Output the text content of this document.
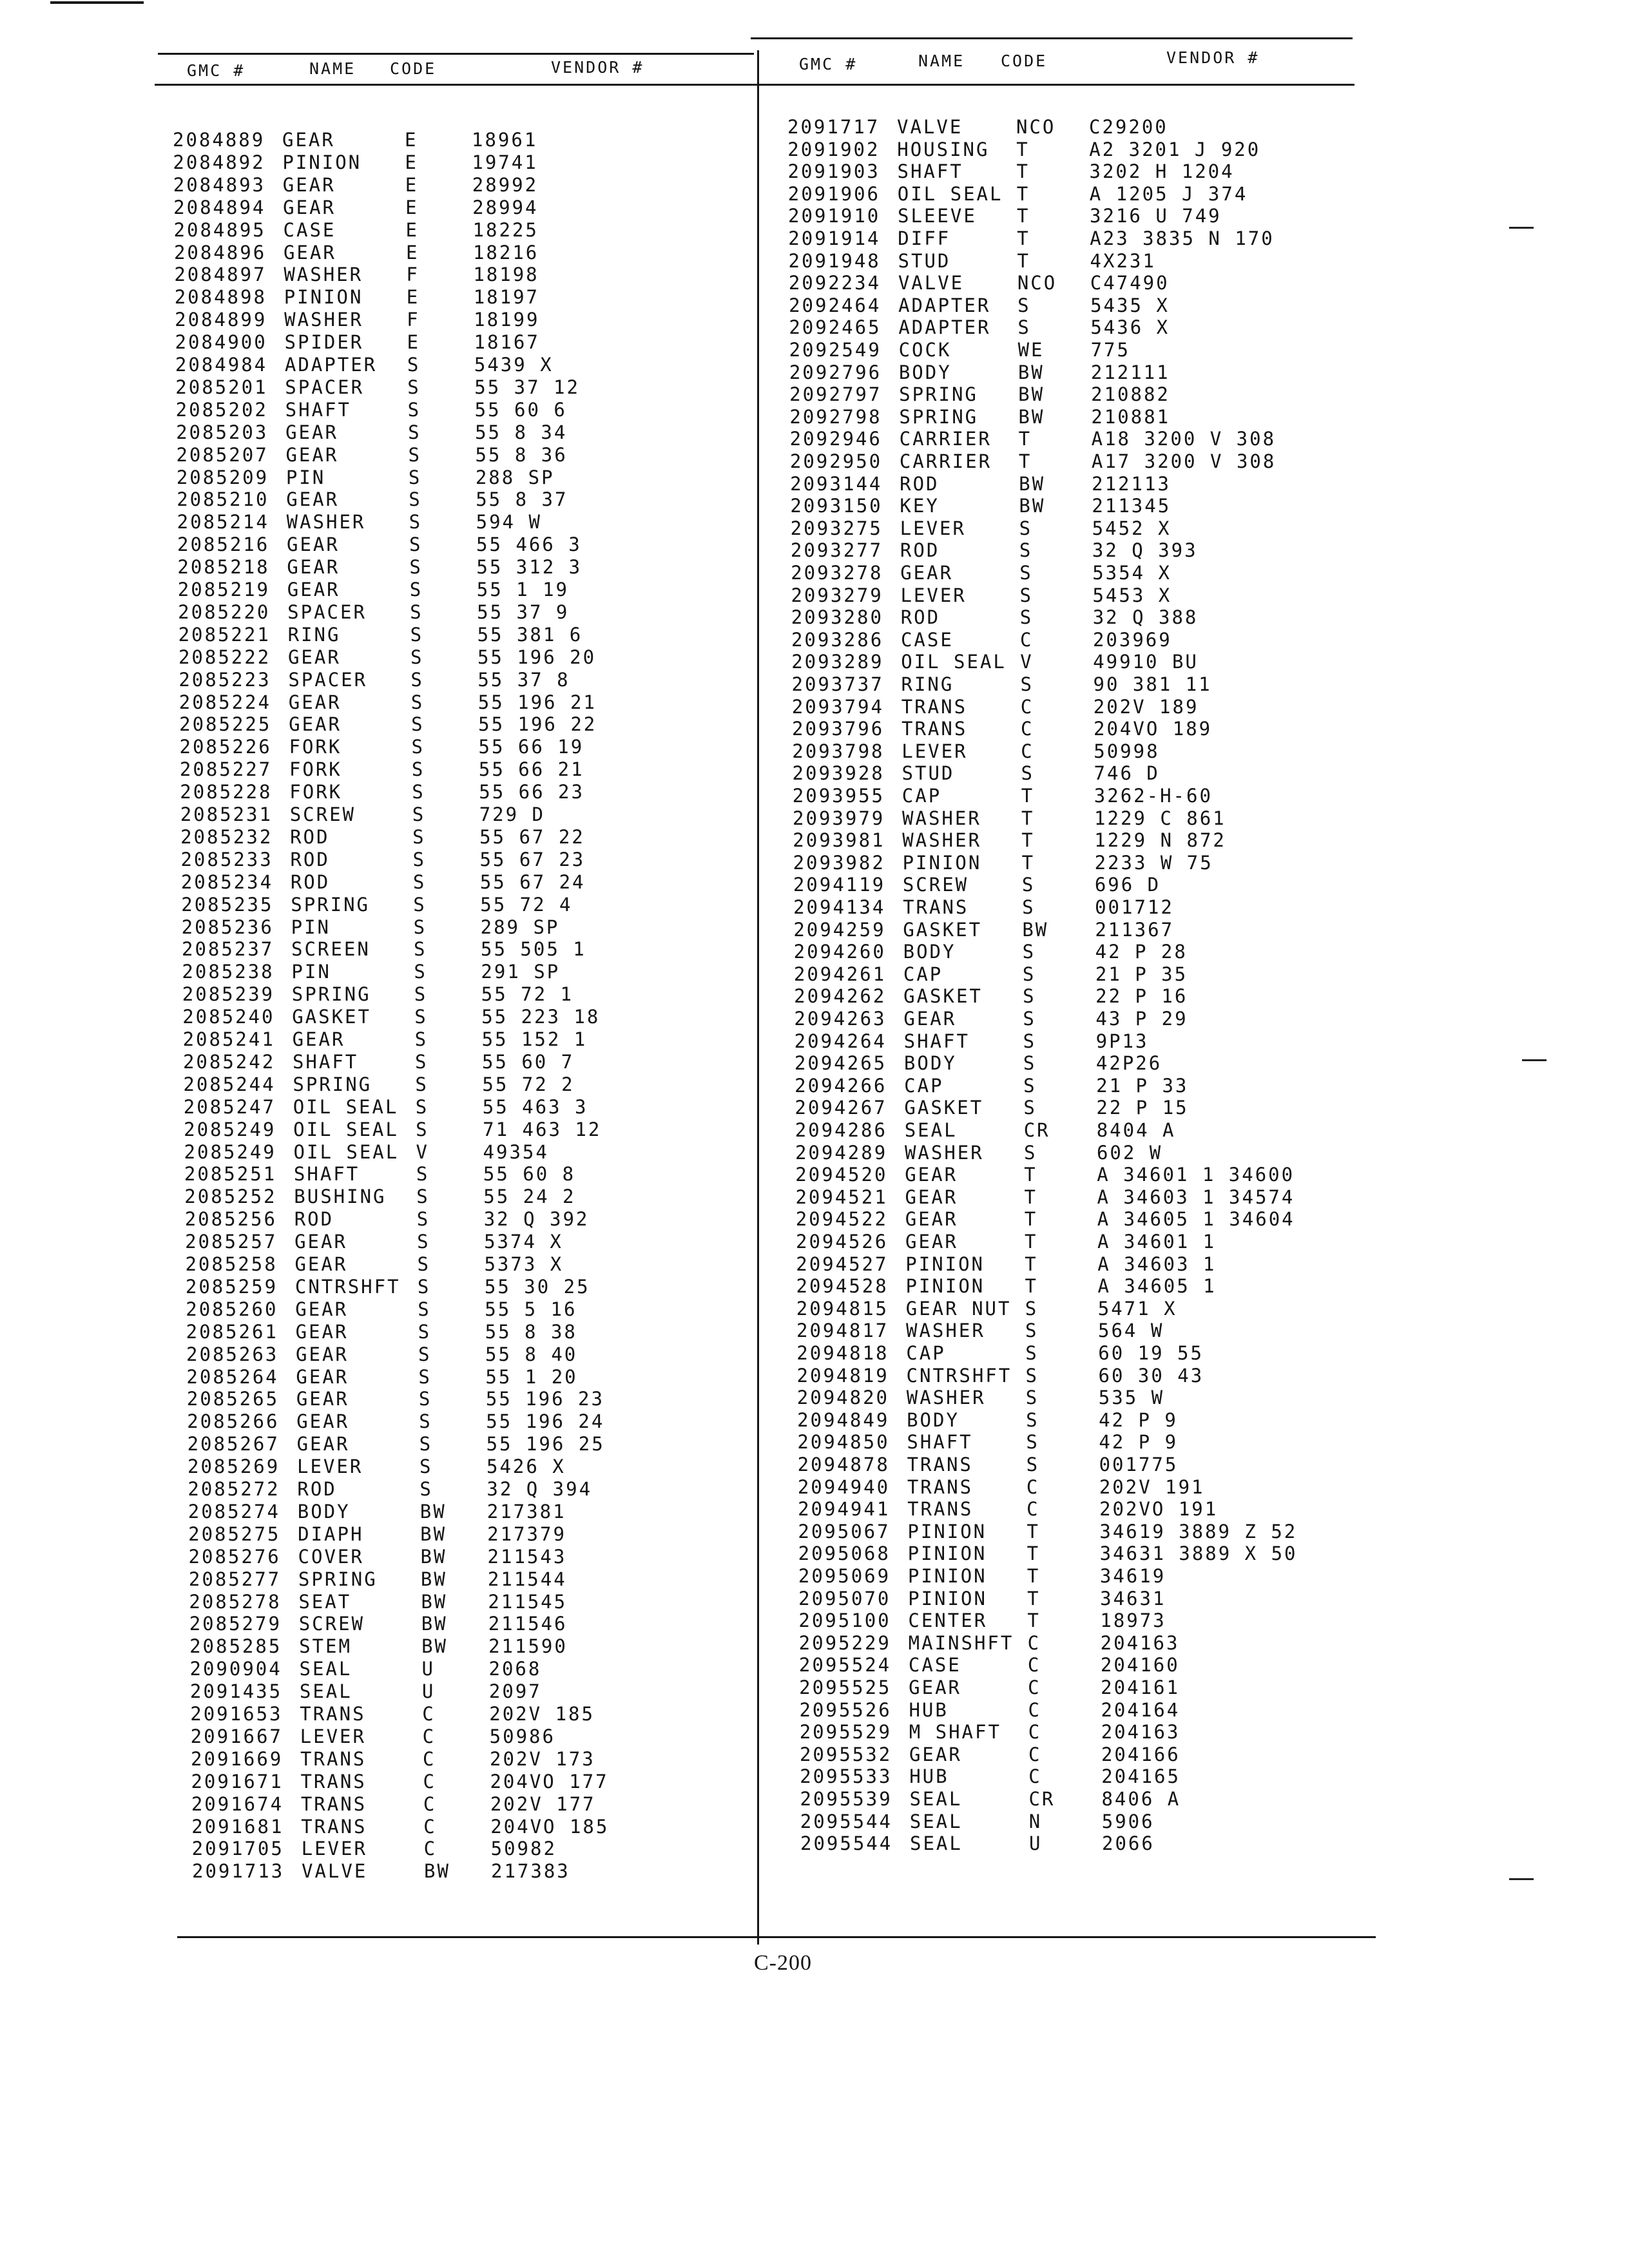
GMC #	NAME CODE	VENDOR #	GMC #	NAME CODE	VENDOR #
2084889 GEAR	E	18961
2084892 PINION E	19741
2084893 GEAR	E	28992
2084894 GEAR	E	28994
2084895 CASE	E	18225
2084896 GEAR	E	18216
2084897 WASHER F	18198
2084898 PINION E	18197
2084899 WASHER F	18199
2084900 SPIDER E	18167
2084984 ADAPTER S	5439 X
2085201 SPACER S	55 37 12
2085202 SHAFT	S	55 60 6
2085203 GEAR	S	55 8 34
2085207 GEAR	S	55 8 36
2085209 PIN	S	288 SP
2085210 GEAR	S	55 8 37
2085214 WASHER S	594 W
2085216 GEAR	S	55 466 3
2085218 GEAR	S	55 312 3
2085219 GEAR	S	55 1 19
2085220 SPACER S	55 37 9
2085221 RING	S	55 381 6
2085222 GEAR	S	55 196 20
2085223 SPACER S	55 37 8
2085224 GEAR	S	55 196 21
2085225 GEAR	S	55 196 22
2085226 FORK	S	55 66 19
2085227 FORK	S	55 66 21
2085228 FORK	S	55 66 23
2085231 SCREW	S	729 D
2085232 ROD	S	55 67 22
2085233 ROD	S	55 67 23
2085234 ROD	S	55 67 24
2085235 SPRING S	55 72 4
2085236 PIN	S	289 SP
2085237 SCREEN S	55 505 1
2085238 PIN	S	291 SP
2085239 SPRING S	55 72 1
2085240 GASKET S	55 223 18
2085241 GEAR	S	55 152 1
2085242 SHAFT	S	55 60 7
2085244 SPRING S	55 72 2
2085247 OIL SEAL S	55 463 3
2085249 OIL SEAL S	71 463 12
2085249 OIL SEAL V	49354
2085251 SHAFT	S	55 60 8
2085252 BUSHING S	55 24 2
2085256 ROD	S	32 Q 392
2085257 GEAR	S	5374 X
2085258 GEAR	S	5373 X
2085259 CNTRSHFT S	55 30 25
2085260 GEAR	S	55 5 16
2085261 GEAR	S	55 8 38
2085263 GEAR	S	55 8 40
2085264 GEAR	S	55 1 20
2085265 GEAR	S	55 196 23
2085266 GEAR	S	55 196 24
2085267 GEAR	S	55 196 25
2085269 LEVER	S	5426 X
2085272 ROD	S	32 Q 394
2085274 BODY	BW 217381
2085275 DIAPH	BW 217379
2085276 COVER	BW 211543
2085277 SPRING BW 211544
2085278 SEAT	BW 211545
2085279 SCREW	BW 211546
2085285 STEM	BW 211590
2090904 SEAL	U	2068
2091435 SEAL	U	2097
2091653 TRANS	C	202V 185
2091667 LEVER	C	50986
2091669 TRANS	C	202V 173
2091671 TRANS	C	204VO 177
2091674 TRANS	C	202V 177
2091681 TRANS	C	204VO 185
2091705 LEVER	C	50982
2091713 VALVE	BW 217383
2091717 VALVE	NCO C29200
2091902 HOUSING T	A2 3201 J 920
2091903 SHAFT	T	3202 H 1204
2091906 OIL SEAL T	A 1205 J 374
2091910 SLEEVE T	3216 U 749
2091914 DIFF	T	A23 3835 N 170
2091948 STUD	T	4X231
2092234 VALVE	NCO C47490
2092464 ADAPTER S	5435 X
2092465 ADAPTER S	5436 X
2092549 COCK	WE 775
2092796 BODY	BW 212111
2092797 SPRING BW 210882
2092798 SPRING BW 210881
2092946 CARRIER T	A18 3200 V 308
2092950 CARRIER T	A17 3200 V 308
2093144 ROD	BW 212113
2093150 KEY	BW 211345
2093275 LEVER	S	5452 X
2093277 ROD	S	32 Q 393
2093278 GEAR	S	5354 X
2093279 LEVER	S	5453 X
2093280 ROD	S	32 Q 388
2093286 CASE	C	203969
2093289 OIL SEAL V	49910 BU
2093737 RING	S	90 381 11
2093794 TRANS	C	202V 189
2093796 TRANS	C	204VO 189
2093798 LEVER	C	50998
2093928 STUD	S	746 D
2093955 CAP	T	3262-H-60
2093979 WASHER T	1229 C 861
2093981 WASHER T	1229 N 872
2093982 PINION T	2233 W 75
2094119 SCREW	S	696 D
2094134 TRANS	S	001712
2094259 GASKET BW 211367
2094260 BODY	S	42 P 28
2094261 CAP	S	21 P 35
2094262 GASKET S	22 P 16
2094263 GEAR	S	43 P 29
2094264 SHAFT	S	9P13
2094265 BODY	S	42P26
2094266 CAP	S	21 P 33
2094267 GASKET S	22 P 15
2094286 SEAL	CR 8404 A
2094289 WASHER S	602 W
2094520 GEAR	T	A 34601 1 34600
2094521 GEAR	T	A 34603 1 34574
2094522 GEAR	T	A 34605 1 34604
2094526 GEAR	T	A 34601 1
2094527 PINION T	A 34603 1
2094528 PINION T	A 34605 1
2094815 GEAR NUT S	5471 X
2094817 WASHER S	564 W
2094818 CAP	S	60 19 55
2094819 CNTRSHFT S	60 30 43
2094820 WASHER S	535 W
2094849 BODY	S	42 P 9
2094850 SHAFT	S	42 P 9
2094878 TRANS	S	001775
2094940 TRANS	C	202V 191
2094941 TRANS	C	202VO 191
2095067 PINION T	34619 3889 Z 52
2095068 PINION T	34631 3889 X 50
2095069 PINION T	34619
2095070 PINION T	34631
2095100 CENTER T	18973
2095229 MAINSHFT C	204163
2095524 CASE	C	204160
2095525 GEAR	C	204161
2095526 HUB	C	204164
2095529 M SHAFT C	204163
2095532 GEAR	C	204166
2095533 HUB	C	204165
2095539 SEAL	CR 8406 A
2095544 SEAL	N	5906
2095544 SEAL	U	2066
C-200
